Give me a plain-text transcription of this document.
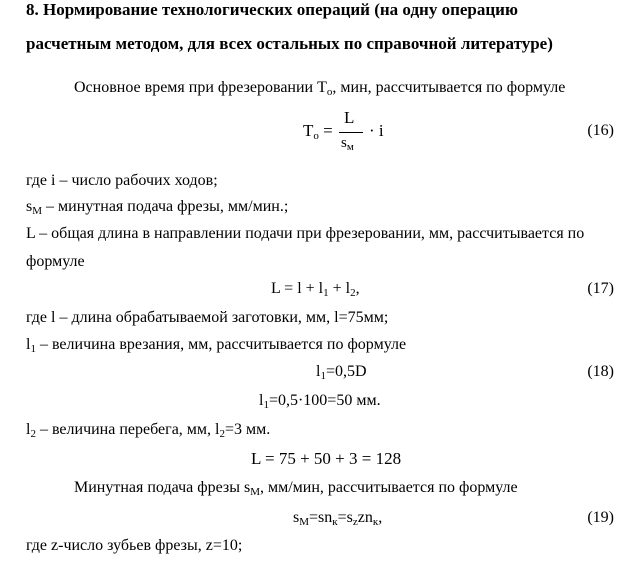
8. Нормирование технологических операций (на одну операцию
расчетным методом, для всех остальных по справочной литературе)
Основное время при фрезеровании $Т_о$, мин, рассчитывается по формуле
$T_о$ =
L
$s_м$
· i	(16)
где i – число рабочих ходов;
$s_M$ – минутная подача фрезы, мм/мин.;
L – общая длина в направлении подачи при фрезеровании, мм, рассчитывается по
формуле
$L = l + l_1 + l_2$,	(17)
где l – длина обрабатываемой заготовки, мм, l=75мм;
$l_1$ – величина врезания, мм, рассчитывается по формуле
$l_1=0,5D$	(18)
$l_1=0,5\cdot 100=50$ мм.
$l_2$ – величина перебега, мм, $l_2=3$ мм.
L = 75 + 50 + 3 = 128
Минутная подача фрезы $s_M$, мм/мин, рассчитывается по формуле
$s_M=sn_к=s_zzn_к$,	(19)
где z-число зубьев фрезы, z=10;
